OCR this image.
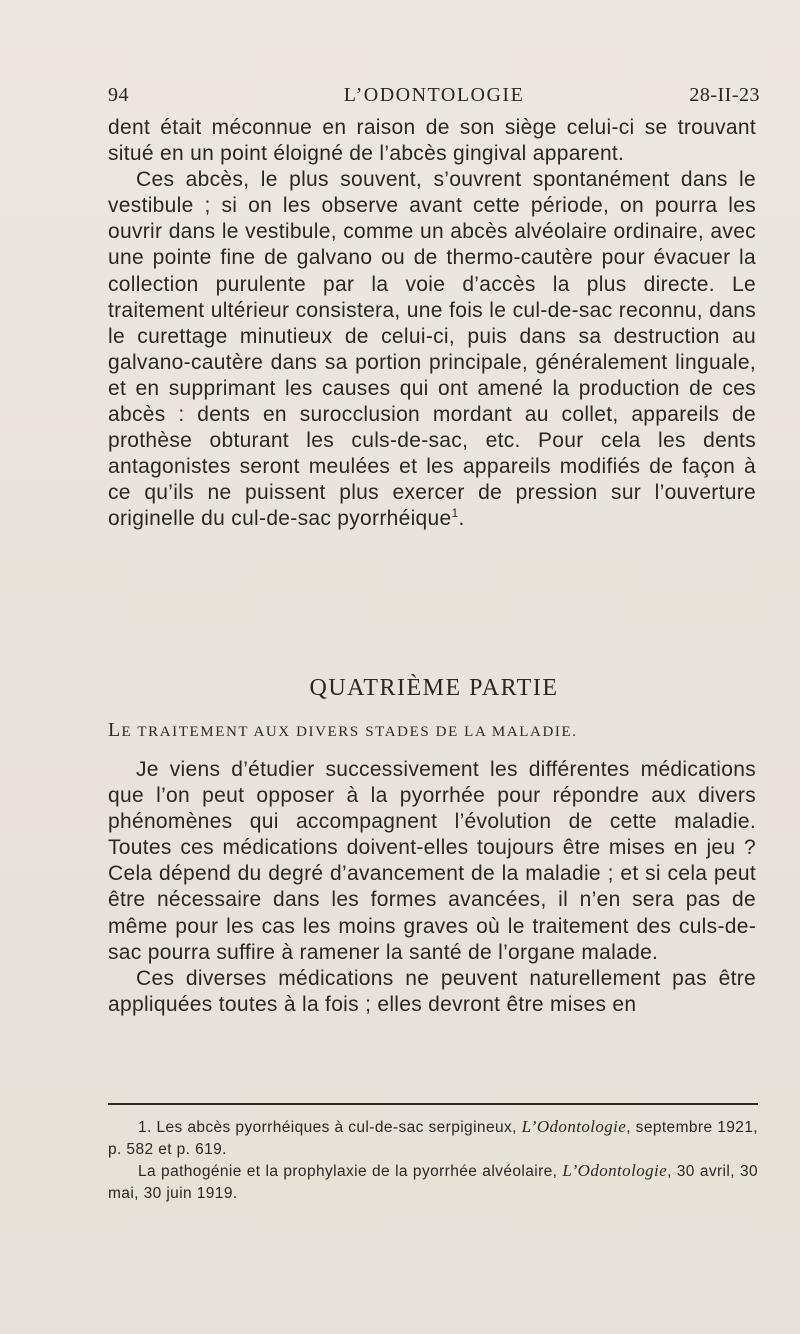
94	L’ODONTOLOGIE	28-II-23

dent était méconnue en raison de son siège celui-ci se trouvant situé en un point éloigné de l’abcès gingival apparent.

Ces abcès, le plus souvent, s’ouvrent spontanément dans le vestibule ; si on les observe avant cette période, on pourra les ouvrir dans le vestibule, comme un abcès alvéolaire ordinaire, avec une pointe fine de galvano ou de thermo-cautère pour évacuer la collection purulente par la voie d’accès la plus directe. Le traitement ultérieur consistera, une fois le cul-de-sac reconnu, dans le curettage minutieux de celui-ci, puis dans sa destruction au galvano-cautère dans sa portion principale, généralement linguale, et en supprimant les causes qui ont amené la production de ces abcès : dents en surocclusion mordant au collet, appareils de prothèse obturant les culs-de-sac, etc. Pour cela les dents antagonistes seront meulées et les appareils modifiés de façon à ce qu’ils ne puissent plus exercer de pression sur l’ouverture originelle du cul-de-sac pyorrhéique$^1$.

QUATRIÈME PARTIE
LE TRAITEMENT AUX DIVERS STADES DE LA MALADIE.

Je viens d’étudier successivement les différentes médications que l’on peut opposer à la pyorrhée pour répondre aux divers phénomènes qui accompagnent l’évolution de cette maladie. Toutes ces médications doivent-elles toujours être mises en jeu ? Cela dépend du degré d’avancement de la maladie ; et si cela peut être nécessaire dans les formes avancées, il n’en sera pas de même pour les cas les moins graves où le traitement des culs-de-sac pourra suffire à ramener la santé de l’organe malade.

Ces diverses médications ne peuvent naturellement pas être appliquées toutes à la fois ; elles devront être mises en

1. Les abcès pyorrhéiques à cul-de-sac serpigineux, L’Odontologie, septembre 1921, p. 582 et p. 619.

La pathogénie et la prophylaxie de la pyorrhée alvéolaire, L’Odontologie, 30 avril, 30 mai, 30 juin 1919.
